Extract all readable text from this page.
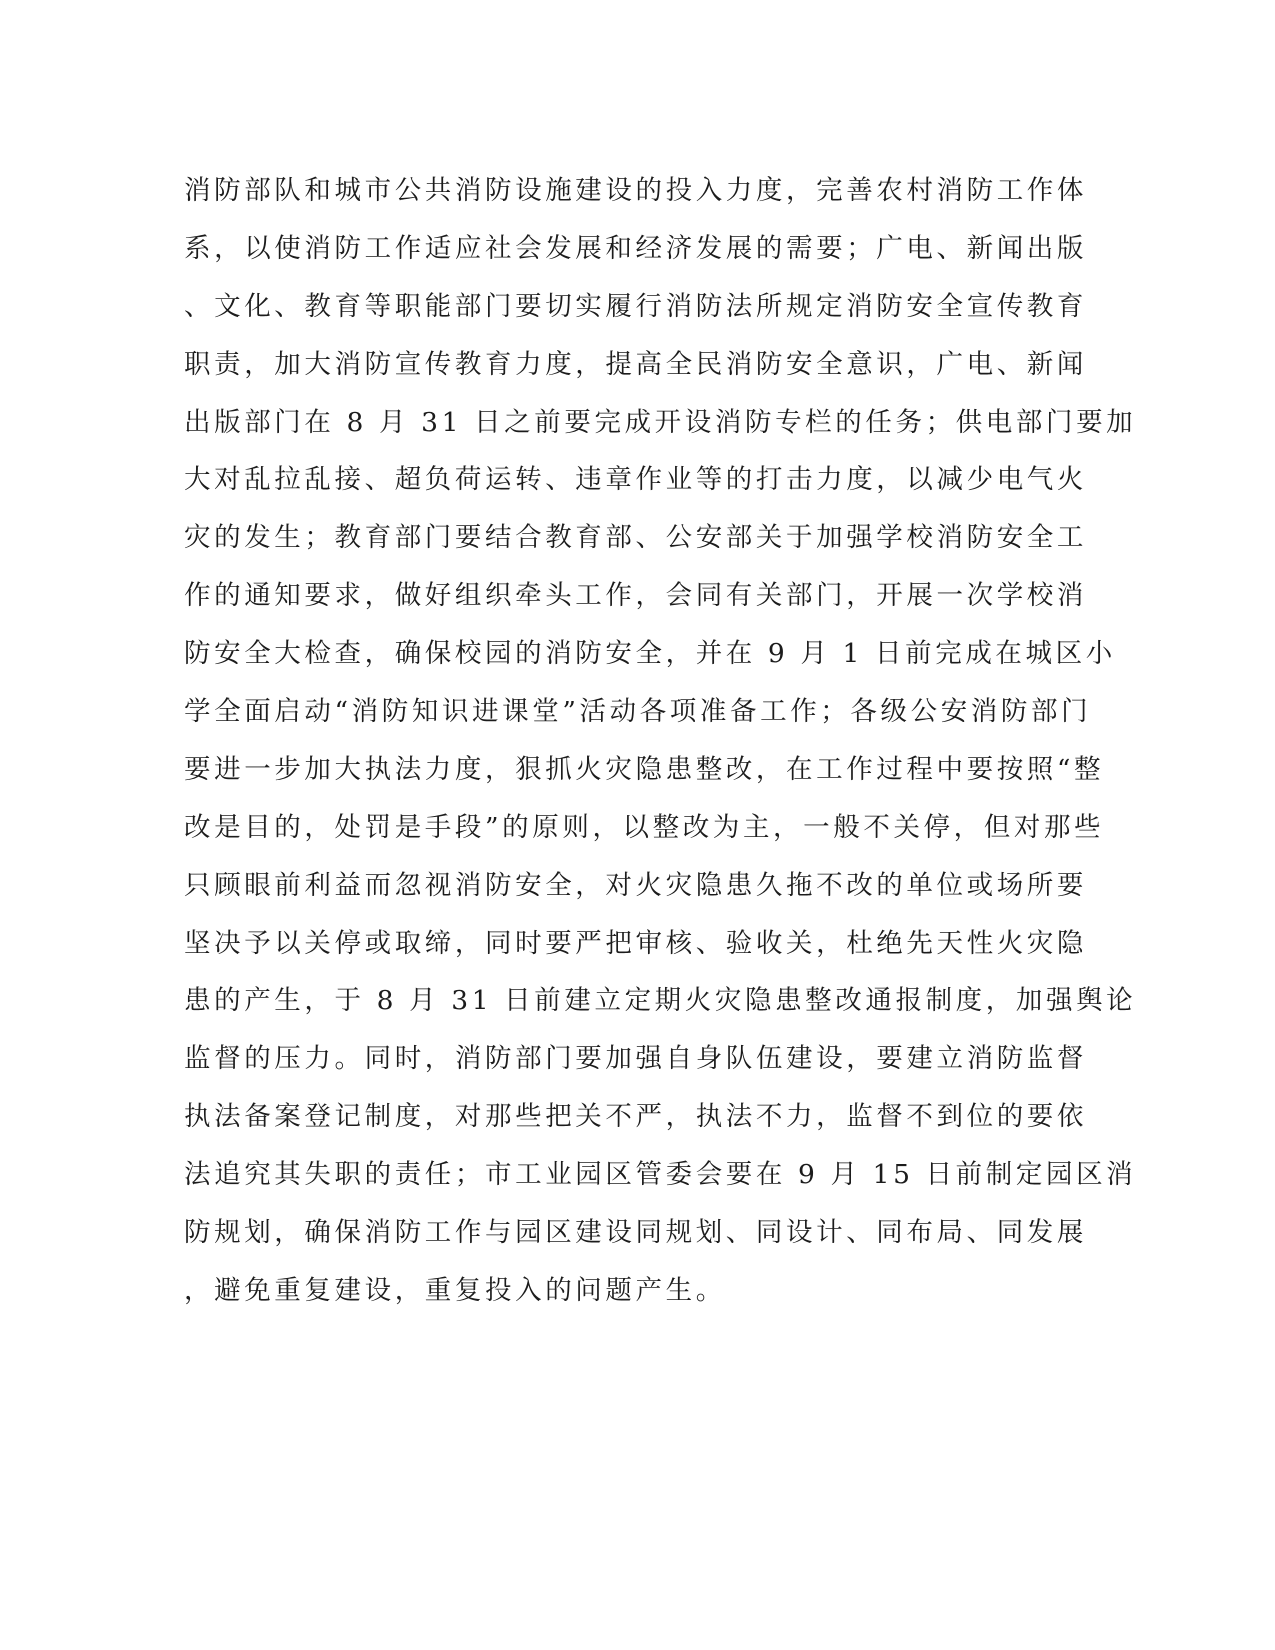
消防部队和城市公共消防设施建设的投入力度，完善农村消防工作体
系，以使消防工作适应社会发展和经济发展的需要；广电、新闻出版
、文化、教育等职能部门要切实履行消防法所规定消防安全宣传教育
职责，加大消防宣传教育力度，提高全民消防安全意识，广电、新闻
出版部门在 8 月 31 日之前要完成开设消防专栏的任务；供电部门要加
大对乱拉乱接、超负荷运转、违章作业等的打击力度，以减少电气火
灾的发生；教育部门要结合教育部、公安部关于加强学校消防安全工
作的通知要求，做好组织牵头工作，会同有关部门，开展一次学校消
防安全大检查，确保校园的消防安全，并在 9 月 1 日前完成在城区小
学全面启动“消防知识进课堂”活动各项准备工作；各级公安消防部门
要进一步加大执法力度，狠抓火灾隐患整改，在工作过程中要按照“整
改是目的，处罚是手段”的原则，以整改为主，一般不关停，但对那些
只顾眼前利益而忽视消防安全，对火灾隐患久拖不改的单位或场所要
坚决予以关停或取缔，同时要严把审核、验收关，杜绝先天性火灾隐
患的产生，于 8 月 31 日前建立定期火灾隐患整改通报制度，加强舆论
监督的压力。同时，消防部门要加强自身队伍建设，要建立消防监督
执法备案登记制度，对那些把关不严，执法不力，监督不到位的要依
法追究其失职的责任；市工业园区管委会要在 9 月 15 日前制定园区消
防规划，确保消防工作与园区建设同规划、同设计、同布局、同发展
，避免重复建设，重复投入的问题产生。
